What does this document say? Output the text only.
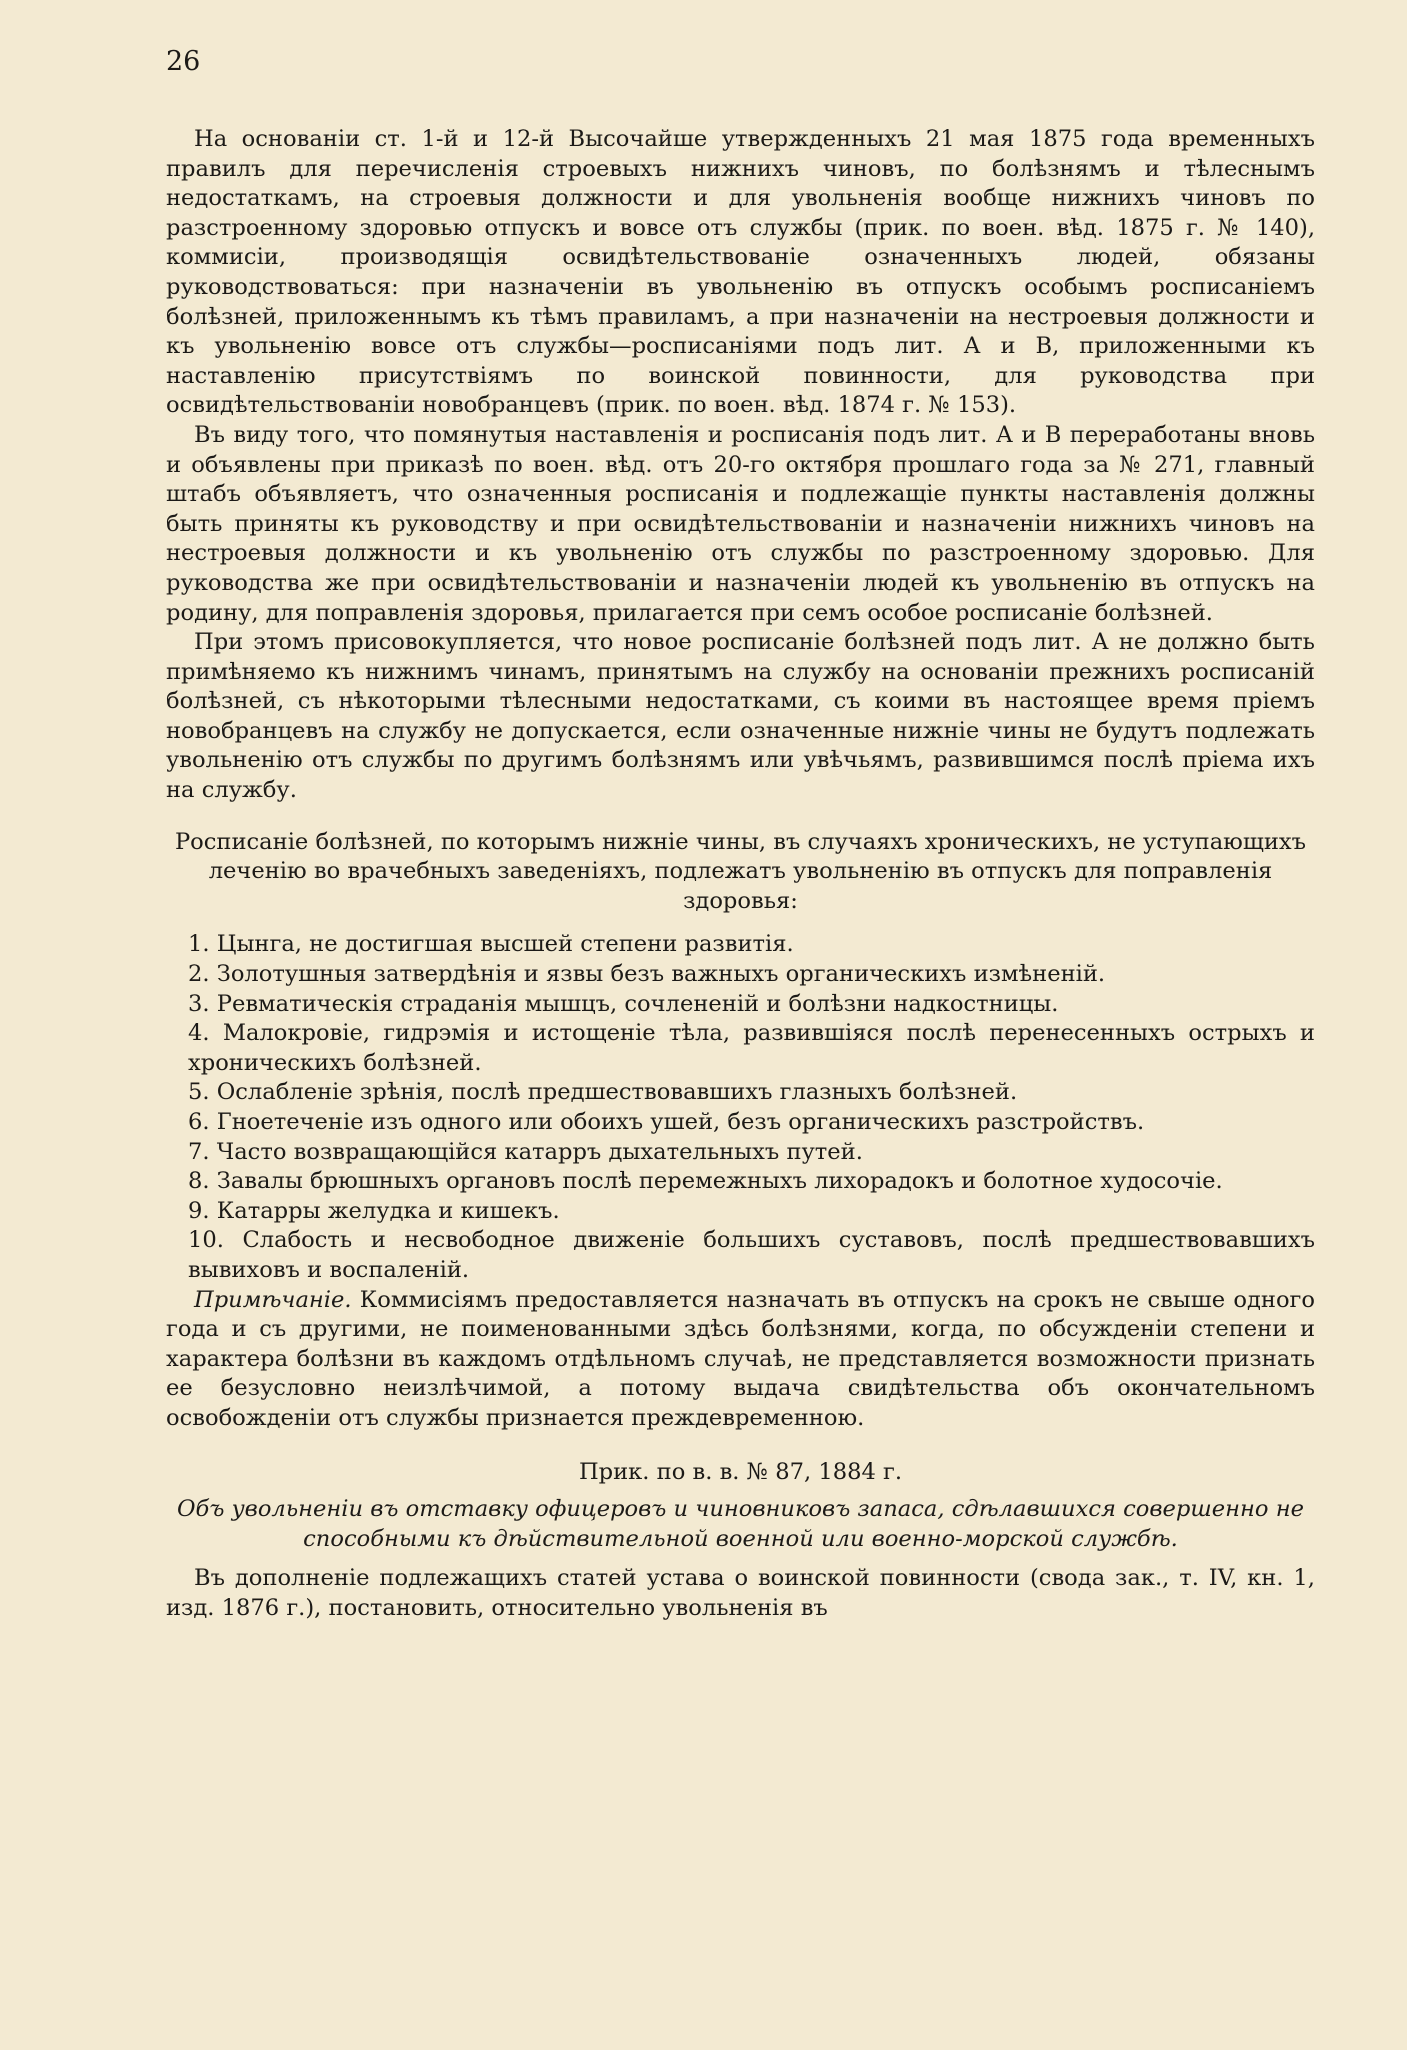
26

На основанiи ст. 1-й и 12-й Высочайше утвержденныхъ 21 мая 1875 года временныхъ правилъ для перечисленiя строевыхъ нижнихъ чиновъ, по болѣзнямъ и тѣлеснымъ недостаткамъ, на строевыя должности и для увольненiя вообще нижнихъ чиновъ по разстроенному здоровью отпускъ и вовсе отъ службы (прик. по воен. вѣд. 1875 г. № 140), коммисiи, производящiя освидѣтельствованiе означенныхъ людей, обязаны руководствоваться: при назначенiи въ увольненiю въ отпускъ особымъ росписанiемъ болѣзней, приложеннымъ къ тѣмъ правиламъ, а при назначенiи на нестроевыя должности и къ увольненiю вовсе отъ службы—росписанiями подъ лит. А и В, приложенными къ наставленiю присутствiямъ по воинской повинности, для руководства при освидѣтельствованiи новобранцевъ (прик. по воен. вѣд. 1874 г. № 153).

Въ виду того, что помянутыя наставленiя и росписанiя подъ лит. А и В переработаны вновь и объявлены при приказѣ по воен. вѣд. отъ 20-го октября прошлаго года за № 271, главный штабъ объявляетъ, что означенныя росписанiя и подлежащiе пункты наставленiя должны быть приняты къ руководству и при освидѣтельствованiи и назначенiи нижнихъ чиновъ на нестроевыя должности и къ увольненiю отъ службы по разстроенному здоровью. Для руководства же при освидѣтельствованiи и назначенiи людей къ увольненiю въ отпускъ на родину, для поправленiя здоровья, прилагается при семъ особое росписанiе болѣзней.

При этомъ присовокупляется, что новое росписанiе болѣзней подъ лит. А не должно быть примѣняемо къ нижнимъ чинамъ, принятымъ на службу на основанiи прежнихъ росписанiй болѣзней, съ нѣкоторыми тѣлесными недостатками, съ коими въ настоящее время прiемъ новобранцевъ на службу не допускается, если означенные нижнiе чины не будутъ подлежать увольненiю отъ службы по другимъ болѣзнямъ или увѣчьямъ, развившимся послѣ прiема ихъ на службу.

Росписанiе болѣзней, по которымъ нижнiе чины, въ случаяхъ хроническихъ, не уступающихъ леченiю во врачебныхъ заведенiяхъ, подлежатъ увольненiю въ отпускъ для поправленiя здоровья:
1. Цынга, не достигшая высшей степени развитiя.
2. Золотушныя затвердѣнiя и язвы безъ важныхъ органическихъ измѣненiй.
3. Ревматическiя страданiя мышцъ, сочлененiй и болѣзни надкостницы.
4. Малокровiе, гидрэмiя и истощенiе тѣла, развившiяся послѣ перенесенныхъ острыхъ и хроническихъ болѣзней.
5. Ослабленiе зрѣнiя, послѣ предшествовавшихъ глазныхъ болѣзней.
6. Гноетеченiе изъ одного или обоихъ ушей, безъ органическихъ разстройствъ.
7. Часто возвращающiйся катарръ дыхательныхъ путей.
8. Завалы брюшныхъ органовъ послѣ перемежныхъ лихорадокъ и болотное худосочiе.
9. Катарры желудка и кишекъ.
10. Слабость и несвободное движенiе большихъ суставовъ, послѣ предшествовавшихъ вывиховъ и воспаленiй.

Примѣчанiе. Коммисiямъ предоставляется назначать въ отпускъ на срокъ не свыше одного года и съ другими, не поименованными здѣсь болѣзнями, когда, по обсужденiи степени и характера болѣзни въ каждомъ отдѣльномъ случаѣ, не представляется возможности признать ее безусловно неизлѣчимой, а потому выдача свидѣтельства объ окончательномъ освобожденiи отъ службы признается преждевременною.

Прик. по в. в. № 87, 1884 г.
Объ увольненiи въ отставку офицеровъ и чиновниковъ запаса, сдѣлавшихся совершенно не способными къ дѣйствительной военной или военно-морской службѣ.

Въ дополненiе подлежащихъ статей устава о воинской повинности (свода зак., т. IV, кн. 1, изд. 1876 г.), постановить, относительно увольненiя въ
